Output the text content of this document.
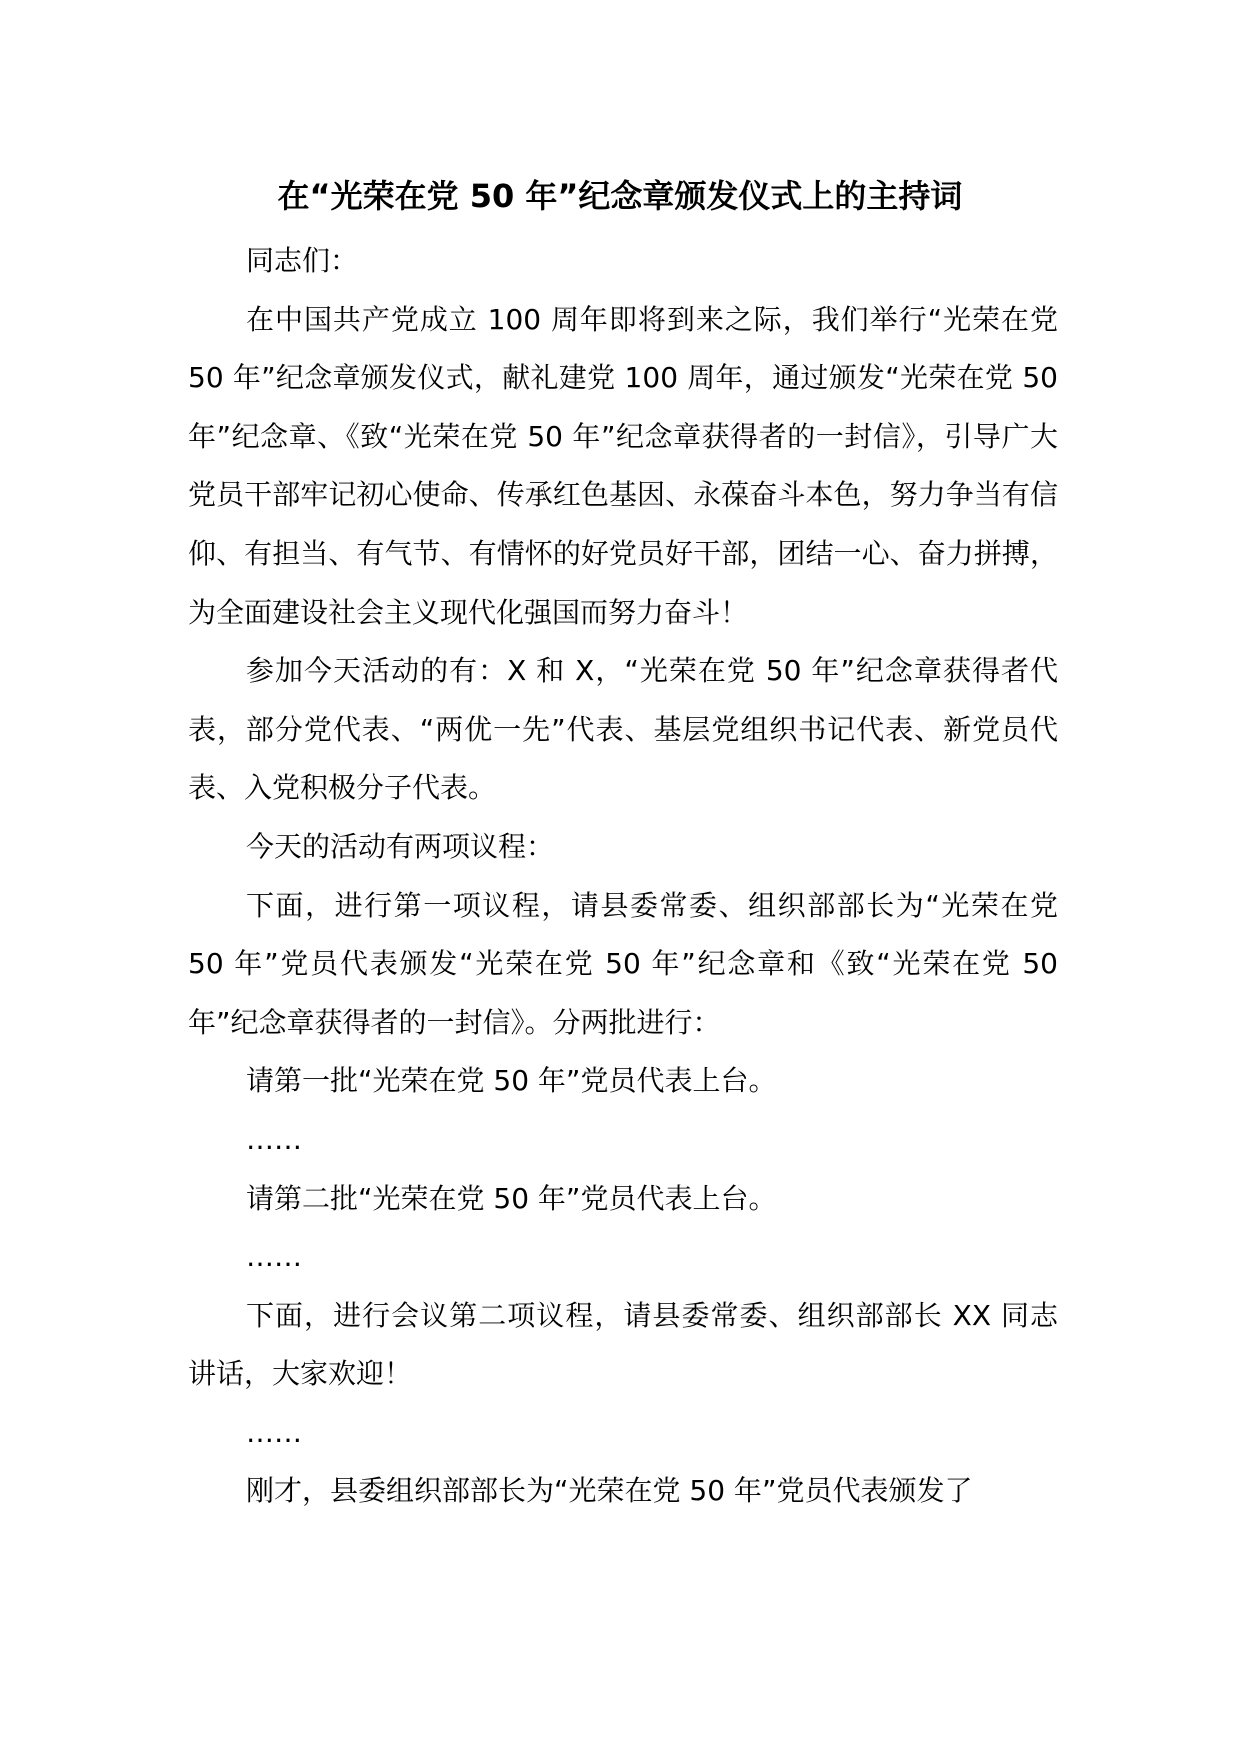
在“光荣在党 50 年”纪念章颁发仪式上的主持词

同志们：

在中国共产党成立 100 周年即将到来之际，我们举行“光荣在党 50 年”纪念章颁发仪式，献礼建党 100 周年，通过颁发“光荣在党 50 年”纪念章、《致“光荣在党 50 年”纪念章获得者的一封信》，引导广大党员干部牢记初心使命、传承红色基因、永葆奋斗本色，努力争当有信仰、有担当、有气节、有情怀的好党员好干部，团结一心、奋力拼搏，为全面建设社会主义现代化强国而努力奋斗！

参加今天活动的有：X 和 X，“光荣在党 50 年”纪念章获得者代表，部分党代表、“两优一先”代表、基层党组织书记代表、新党员代表、入党积极分子代表。

今天的活动有两项议程：

下面，进行第一项议程，请县委常委、组织部部长为“光荣在党 50 年”党员代表颁发“光荣在党 50 年”纪念章和《致“光荣在党 50 年”纪念章获得者的一封信》。分两批进行：

请第一批“光荣在党 50 年”党员代表上台。

……

请第二批“光荣在党 50 年”党员代表上台。

……

下面，进行会议第二项议程，请县委常委、组织部部长 XX 同志讲话，大家欢迎！

……

刚才，县委组织部部长为“光荣在党 50 年”党员代表颁发了
